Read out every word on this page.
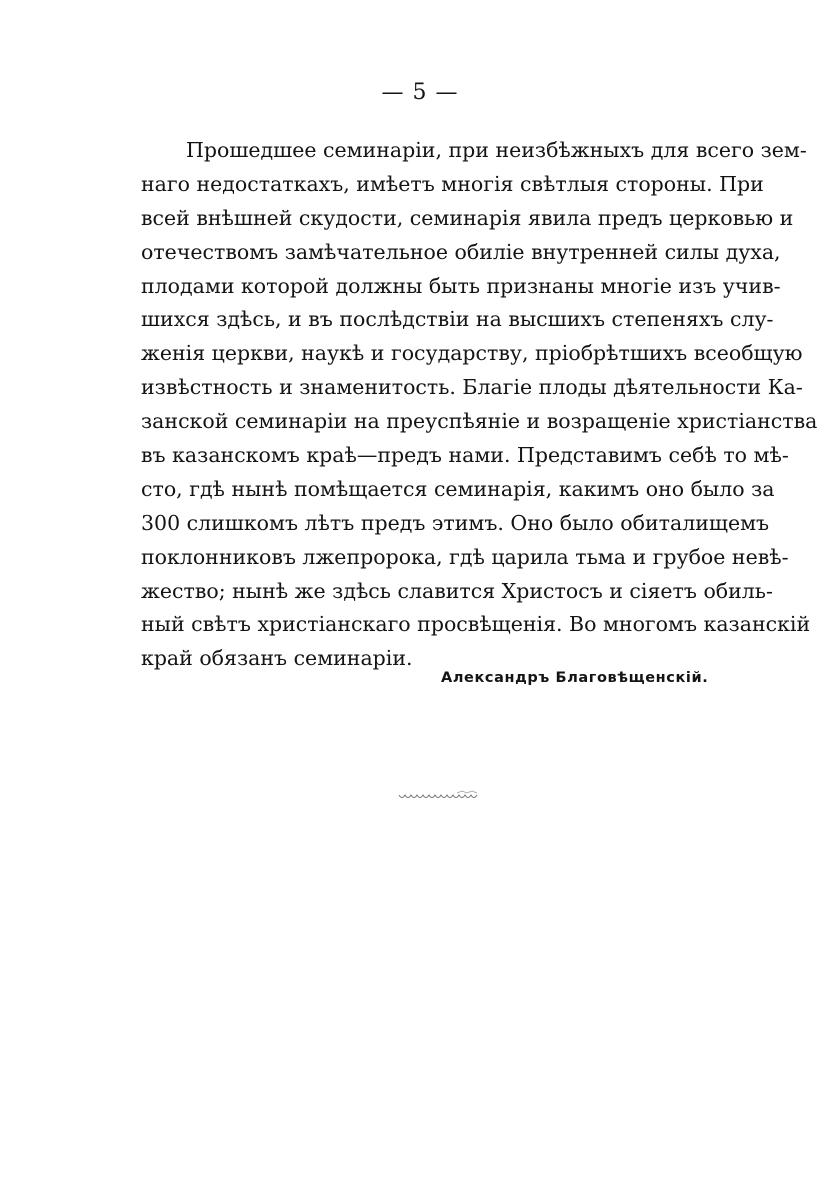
— 5 —
Прошедшее семинаріи, при неизбѣжныхъ для всего зем-
наго недостаткахъ, имѣетъ многія свѣтлыя стороны. При
всей внѣшней скудости, семинарія явила предъ церковью и
отечествомъ замѣчательное обиліе внутренней силы духа,
плодами которой должны быть признаны многіе изъ учив-
шихся здѣсь, и въ послѣдствіи на высшихъ степеняхъ слу-
женія церкви, наукѣ и государству, пріобрѣтшихъ всеобщую
извѣстность и знаменитость. Благіе плоды дѣятельности Ка-
занской семинаріи на преуспѣяніе и возращеніе христіанства
въ казанскомъ краѣ—предъ нами. Представимъ себѣ то мѣ-
сто, гдѣ нынѣ помѣщается семинарія, какимъ оно было за
300 слишкомъ лѣтъ предъ этимъ. Оно было обиталищемъ
поклонниковъ лжепророка, гдѣ царила тьма и грубое невѣ-
жество; нынѣ же здѣсь славится Христосъ и сіяетъ обиль-
ный свѣтъ христіанскаго просвѣщенія. Во многомъ казанскій
край обязанъ семинаріи.
Александръ Благовѣщенскій.
